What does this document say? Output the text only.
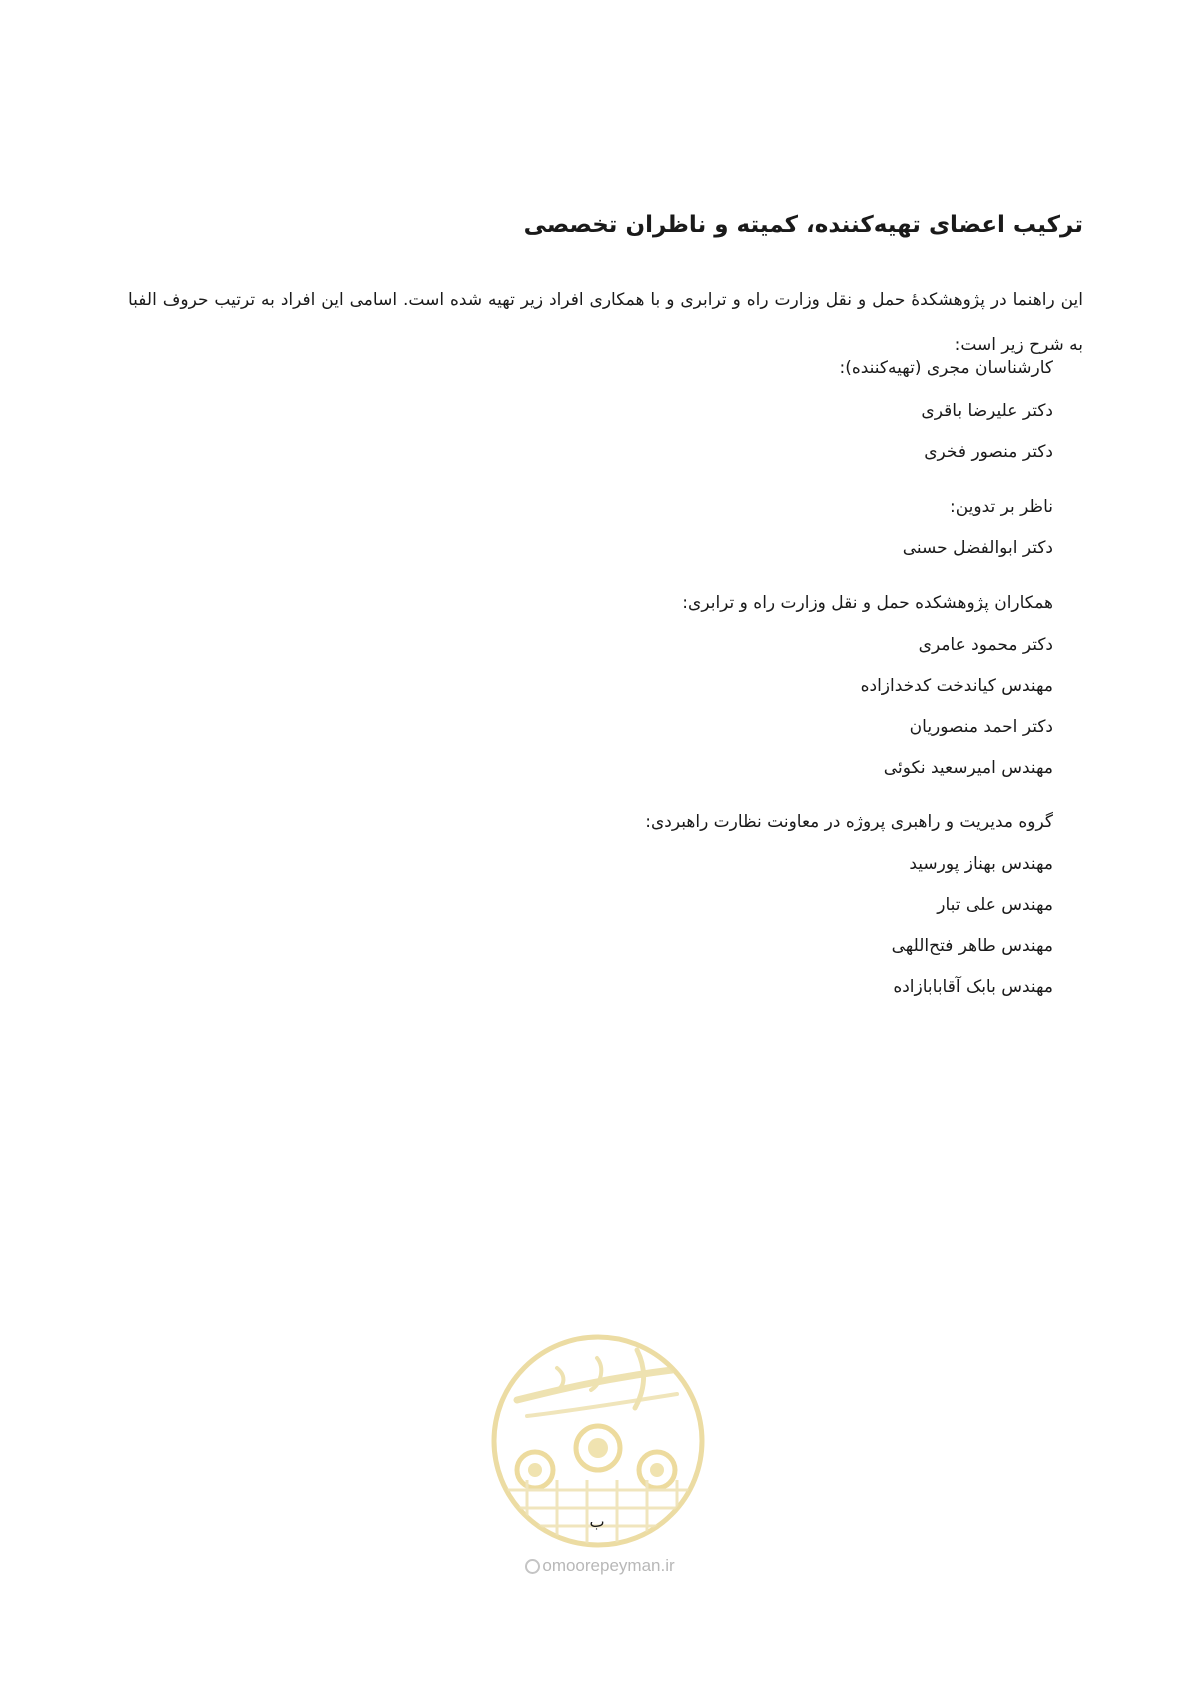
ترکیب اعضای تهیه‌کننده، کمیته و ناظران تخصصی

این راهنما در پژوهشکدۀ حمل و نقل وزارت راه و ترابری و با همکاری افراد زیر تهیه شده است. اسامی این افراد به ترتیب حروف الفبا به شرح زیر است:

کارشناسان مجری (تهیه‌کننده):
دکتر علیرضا باقری
دکتر منصور فخری
ناظر بر تدوین:
دکتر ابوالفضل حسنی
همکاران پژوهشکده حمل و نقل وزارت راه و ترابری:
دکتر محمود عامری
مهندس کیاندخت کدخدازاده
دکتر احمد منصوریان
مهندس امیرسعید نکوئی
گروه مدیریت و راهبری پروژه در معاونت نظارت راهبردی:
مهندس بهناز پورسید
مهندس علی تبار
مهندس طاهر فتح‌اللهی
مهندس بابک آقابابازاده
ب
omoorepeyman.ir
